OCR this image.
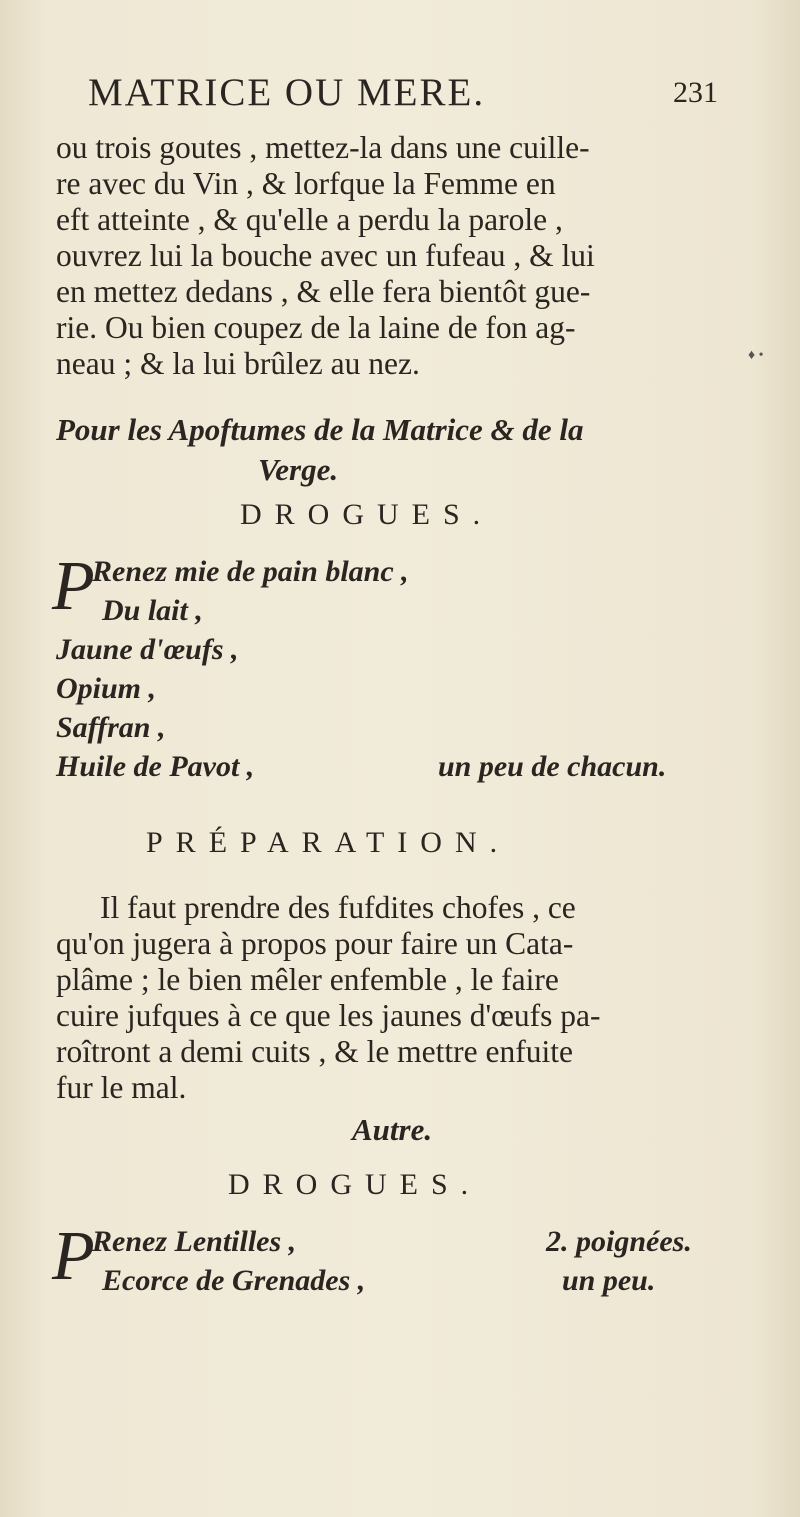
MATRICE OU MERE.	231
ou trois goutes , mettez-la dans une cuille-
re avec du Vin , & lorfque la Femme en
eft atteinte , & qu'elle a perdu la parole ,
ouvrez lui la bouche avec un fufeau , & lui
en mettez dedans , & elle fera bientôt gue-
rie. Ou bien coupez de la laine de fon ag-
neau ; & la lui brûlez au nez.	♦ •
Pour les Apoftumes de la Matrice & de la
Verge.
DROGUES.
P
Renez mie de pain blanc ,
Du lait ,
Jaune d'œufs ,
Opium ,
Saffran ,
Huile de Pavot ,	un peu de chacun.
PRÉPARATION.
Il faut prendre des fufdites chofes , ce
qu'on jugera à propos pour faire un Cata-
plâme ; le bien mêler enfemble , le faire
cuire jufques à ce que les jaunes d'œufs pa-
roîtront a demi cuits , & le mettre enfuite
fur le mal.
Autre.
DROGUES.
P
Renez Lentilles ,	2. poignées.
Ecorce de Grenades ,	un peu.
